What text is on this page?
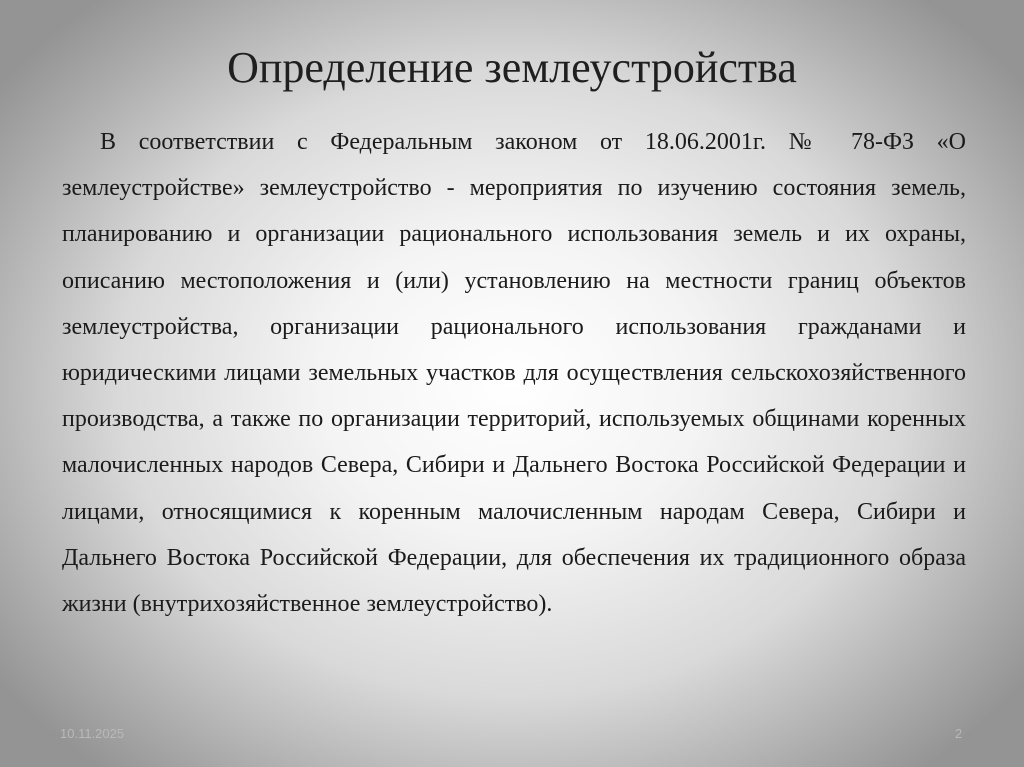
Определение землеустройства

В соответствии с Федеральным законом от 18.06.2001г. № 78-ФЗ «О землеустройстве» землеустройство - мероприятия по изучению состояния земель, планированию и организации рационального использования земель и их охраны, описанию местоположения и (или) установлению на местности границ объектов землеустройства, организации рационального использования гражданами и юридическими лицами земельных участков для осуществления сельскохозяйственного производства, а также по организации территорий, используемых общинами коренных малочисленных народов Севера, Сибири и Дальнего Востока Российской Федерации и лицами, относящимися к коренным малочисленным народам Севера, Сибири и Дальнего Востока Российской Федерации, для обеспечения их традиционного образа жизни (внутрихозяйственное землеустройство).

10.11.2025	2
